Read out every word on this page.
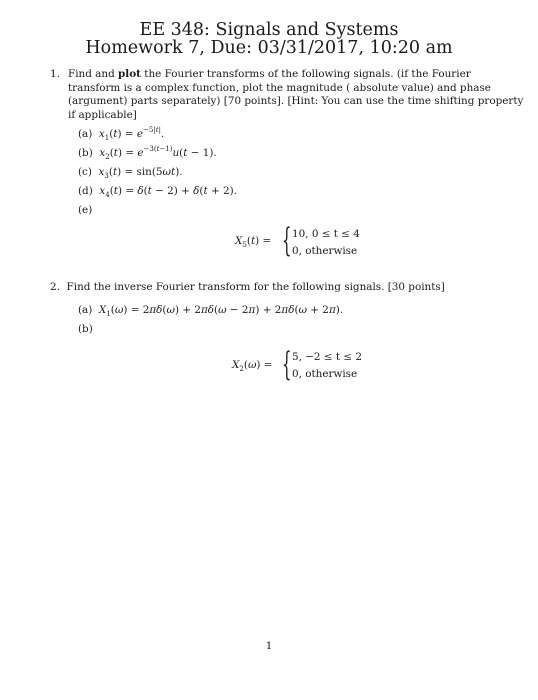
EE 348: Signals and Systems
Homework 7, Due: 03/31/2017, 10:20 am
1. Find and plot the Fourier transforms of the following signals. (if the Fourier transform is a complex function, plot the magnitude ( absolute value) and phase (argument) parts separately) [70 points]. [Hint: You can use the time shifting property if applicable]
(a) $x_1(t) = e^{-5|t|}$.
(b) $x_2(t) = e^{-3(t-1)}u(t - 1)$.
(c) $x_3(t) = \sin(5\omega t)$.
(d) $x_4(t) = \delta(t - 2) + \delta(t + 2)$.
(e)
$X_5(t)$ = { 10, 0 ≤ t ≤ 4
0, otherwise
2. Find the inverse Fourier transform for the following signals. [30 points]
(a) $X_1(\omega) = 2\pi\delta(\omega) + 2\pi\delta(\omega - 2\pi) + 2\pi\delta(\omega + 2\pi)$.
(b)
$X_2(\omega)$ = { 5, −2 ≤ t ≤ 2
0, otherwise
1
